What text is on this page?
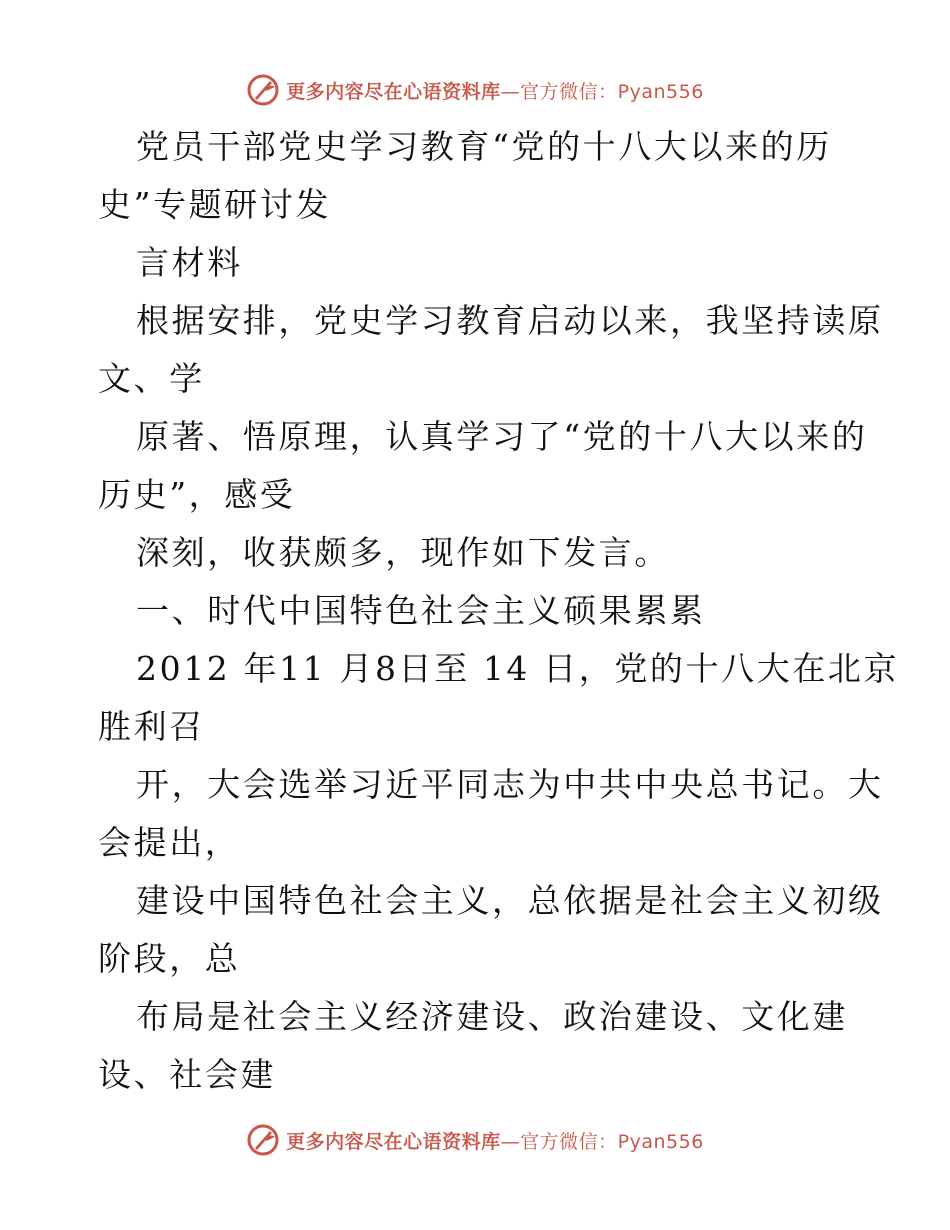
更多内容尽在心语资料库—官方微信：Pyan556
党员干部党史学习教育“党的十八大以来的历
史”专题研讨发
言材料
根据安排，党史学习教育启动以来，我坚持读原
文、学
原著、悟原理，认真学习了“党的十八大以来的
历史”，感受
深刻，收获颇多，现作如下发言。
一、时代中国特色社会主义硕果累累
2012 年11 月8日至 14 日，党的十八大在北京
胜利召
开，大会选举习近平同志为中共中央总书记。大
会提出，
建设中国特色社会主义，总依据是社会主义初级
阶段，总
布局是社会主义经济建设、政治建设、文化建
设、社会建
更多内容尽在心语资料库—官方微信：Pyan556
